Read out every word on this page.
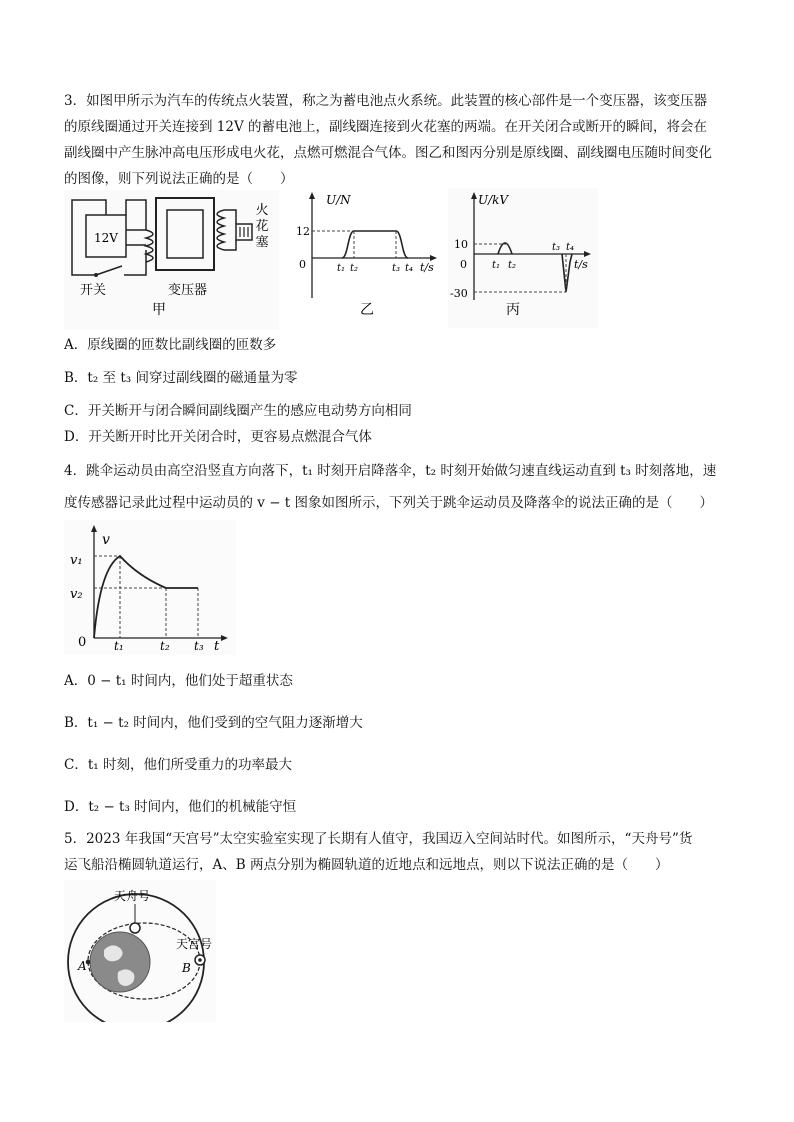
3．如图甲所示为汽车的传统点火装置，称之为蓄电池点火系统。此装置的核心部件是一个变压器，该变压器
的原线圈通过开关连接到 12V 的蓄电池上，副线圈连接到火花塞的两端。在开关闭合或断开的瞬间，将会在
副线圈中产生脉冲高电压形成电火花，点燃可燃混合气体。图乙和图丙分别是原线圈、副线圈电压随时间变化
的图像，则下列说法正确的是（　　）
12V
开关
火
花
塞
变压器
甲
U/N
12
0	t₁ t₂	t₃ t₄ t/s
乙
U/kV
10
0
-30
t₁ t₂
t₃ t₄
t/s
丙
A．原线圈的匝数比副线圈的匝数多
B．t₂ 至 t₃ 间穿过副线圈的磁通量为零
C．开关断开与闭合瞬间副线圈产生的感应电动势方向相同
D．开关断开时比开关闭合时，更容易点燃混合气体
4．跳伞运动员由高空沿竖直方向落下，t₁ 时刻开启降落伞，t₂ 时刻开始做匀速直线运动直到 t₃ 时刻落地，速
度传感器记录此过程中运动员的 v − t 图象如图所示，下列关于跳伞运动员及降落伞的说法正确的是（　　）
v
v₁
v₂
0 t₁	t₂ t₃ t
A．0 − t₁ 时间内，他们处于超重状态
B．t₁ − t₂ 时间内，他们受到的空气阻力逐渐增大
C．t₁ 时刻，他们所受重力的功率最大
D．t₂ − t₃ 时间内，他们的机械能守恒
5．2023 年我国“天宫号”太空实验室实现了长期有人值守，我国迈入空间站时代。如图所示，“天舟号”货
运飞船沿椭圆轨道运行，A、B 两点分别为椭圆轨道的近地点和远地点，则以下说法正确的是（　　）
A
天舟号
天宫号
B
